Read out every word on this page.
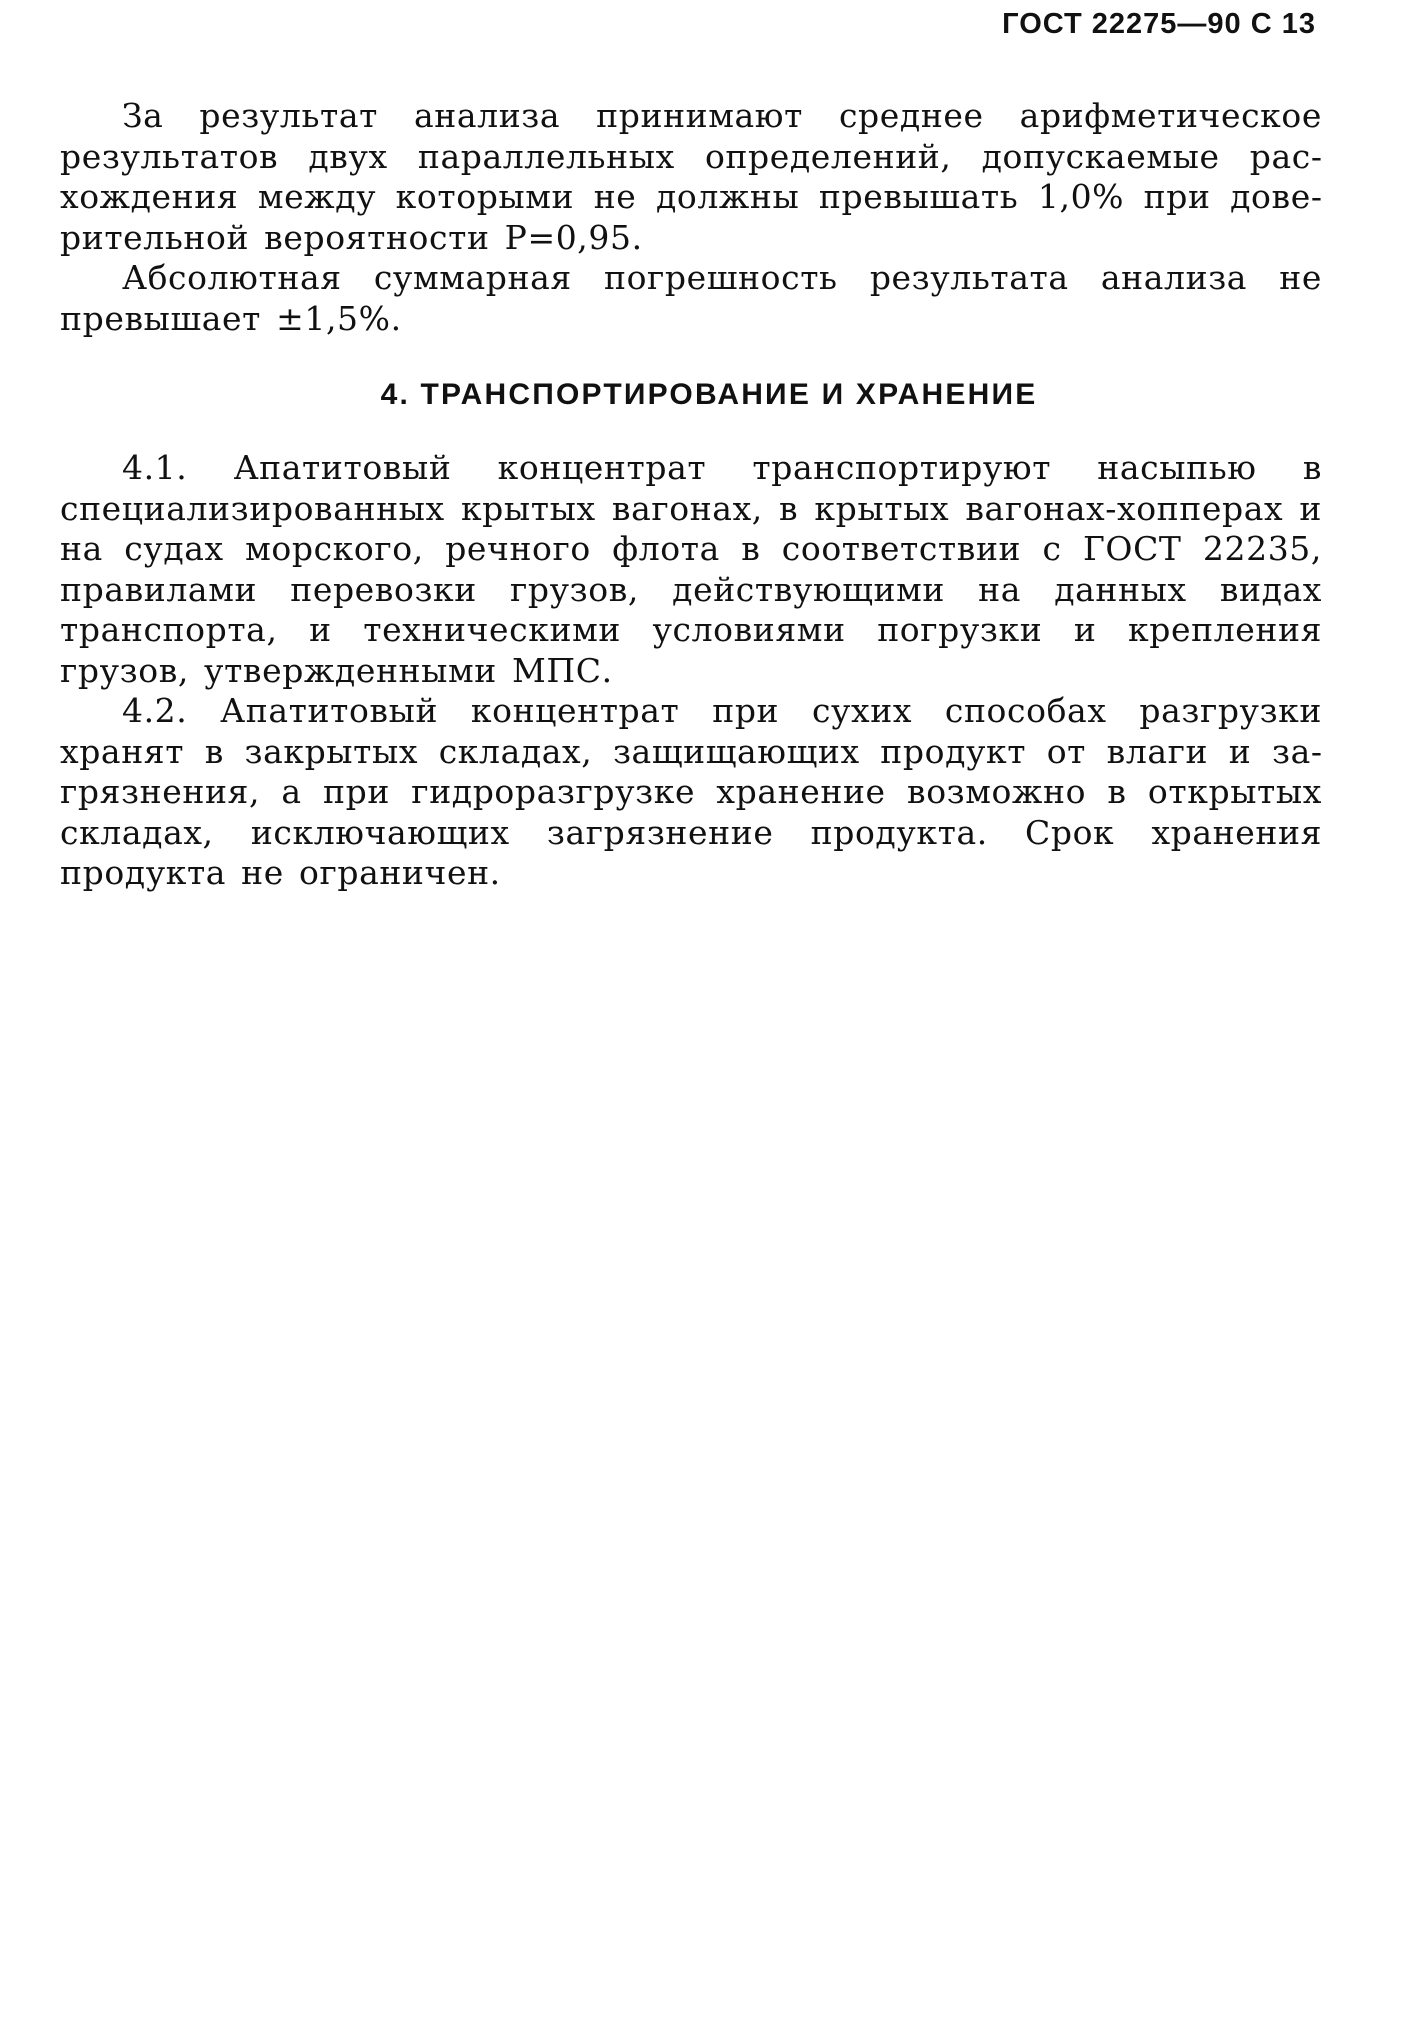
ГОСТ 22275—90 С 13

За результат анализа принимают среднее арифметическое результатов двух параллельных определений, допускаемые расхождения между которыми не должны превышать 1,0% при доверительной вероятности Р=0,95.

Абсолютная суммарная погрешность результата анализа не превышает ±1,5%.

4. ТРАНСПОРТИРОВАНИЕ И ХРАНЕНИЕ

4.1. Апатитовый концентрат транспортируют насыпью в специализированных крытых вагонах, в крытых вагонах-хопперах и на судах морского, речного флота в соответствии с ГОСТ 22235, правилами перевозки грузов, действующими на данных видах транспорта, и техническими условиями погрузки и крепления грузов, утвержденными МПС.

4.2. Апатитовый концентрат при сухих способах разгрузки хранят в закрытых складах, защищающих продукт от влаги и загрязнения, а при гидроразгрузке хранение возможно в открытых складах, исключающих загрязнение продукта. Срок хранения продукта не ограничен.
